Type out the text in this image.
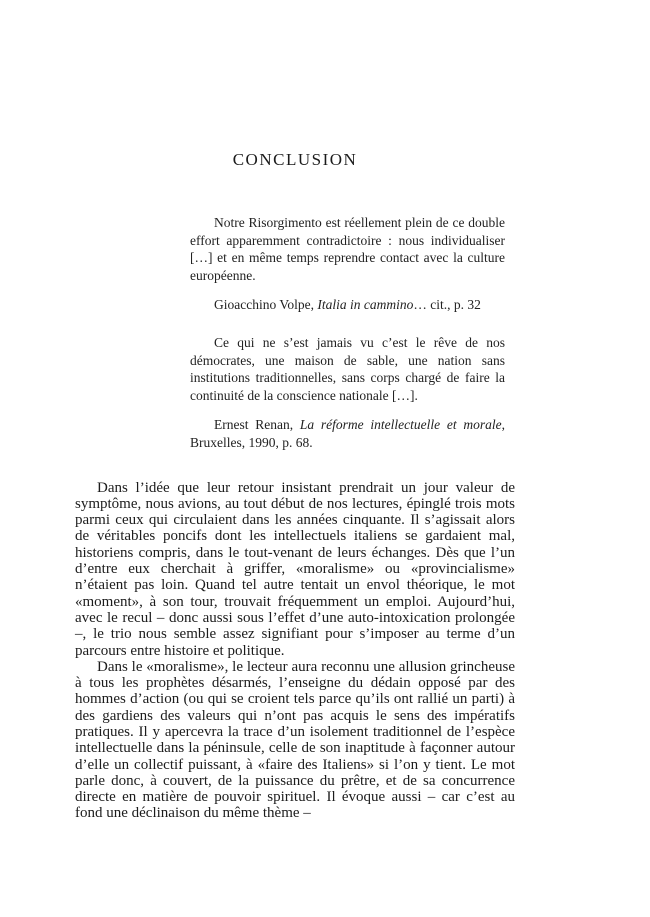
CONCLUSION

Notre Risorgimento est réellement plein de ce double effort apparemment contradictoire : nous individualiser […] et en même temps reprendre contact avec la culture européenne.

Gioacchino Volpe, Italia in cammino… cit., p. 32

Ce qui ne s’est jamais vu c’est le rêve de nos démocrates, une maison de sable, une nation sans institutions traditionnelles, sans corps chargé de faire la continuité de la conscience nationale […].

Ernest Renan, La réforme intellectuelle et morale, Bruxelles, 1990, p. 68.

Dans l’idée que leur retour insistant prendrait un jour valeur de symptôme, nous avions, au tout début de nos lectures, épinglé trois mots parmi ceux qui circulaient dans les années cinquante. Il s’agissait alors de véritables poncifs dont les intellectuels italiens se gardaient mal, historiens compris, dans le tout-venant de leurs échanges. Dès que l’un d’entre eux cherchait à griffer, «moralisme» ou «provincialisme» n’étaient pas loin. Quand tel autre tentait un envol théorique, le mot «moment», à son tour, trouvait fréquemment un emploi. Aujourd’hui, avec le recul – donc aussi sous l’effet d’une auto-intoxication prolongée –, le trio nous semble assez signifiant pour s’imposer au terme d’un parcours entre histoire et politique.

Dans le «moralisme», le lecteur aura reconnu une allusion grincheuse à tous les prophètes désarmés, l’enseigne du dédain opposé par des hommes d’action (ou qui se croient tels parce qu’ils ont rallié un parti) à des gardiens des valeurs qui n’ont pas acquis le sens des impératifs pratiques. Il y apercevra la trace d’un isolement traditionnel de l’espèce intellectuelle dans la péninsule, celle de son inaptitude à façonner autour d’elle un collectif puissant, à «faire des Italiens» si l’on y tient. Le mot parle donc, à couvert, de la puissance du prêtre, et de sa concurrence directe en matière de pouvoir spirituel. Il évoque aussi – car c’est au fond une déclinaison du même thème –
